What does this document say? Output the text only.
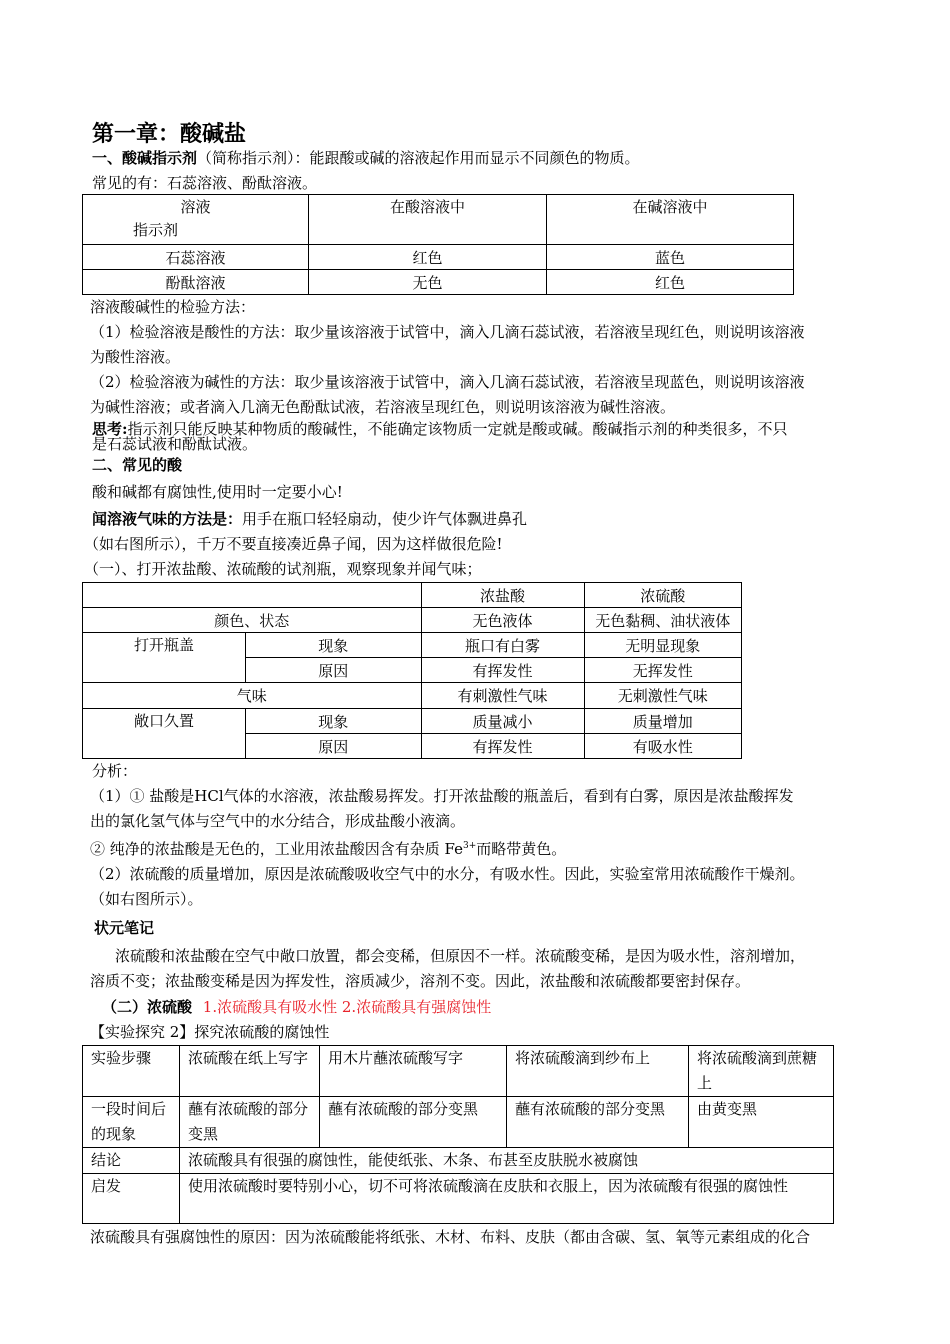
第一章：酸碱盐
一、酸碱指示剂（简称指示剂）：能跟酸或碱的溶液起作用而显示不同颜色的物质。
常见的有：石蕊溶液、酚酞溶液。
溶液
指示剂	在酸溶液中	在碱溶液中
石蕊溶液	红色	蓝色
酚酞溶液	无色	红色
溶液酸碱性的检验方法：
（1）检验溶液是酸性的方法：取少量该溶液于试管中，滴入几滴石蕊试液，若溶液呈现红色，则说明该溶液
为酸性溶液。
（2）检验溶液为碱性的方法：取少量该溶液于试管中，滴入几滴石蕊试液，若溶液呈现蓝色，则说明该溶液
为碱性溶液；或者滴入几滴无色酚酞试液，若溶液呈现红色，则说明该溶液为碱性溶液。
思考:指示剂只能反映某种物质的酸碱性，不能确定该物质一定就是酸或碱。酸碱指示剂的种类很多，不只
是石蕊试液和酚酞试液。
二、常见的酸
酸和碱都有腐蚀性,使用时一定要小心!
闻溶液气味的方法是：用手在瓶口轻轻扇动，使少许气体飘进鼻孔
（如右图所示），千万不要直接凑近鼻子闻，因为这样做很危险!
（一）、打开浓盐酸、浓硫酸的试剂瓶，观察现象并闻气味；
		浓盐酸	浓硫酸
颜色、状态		无色液体	无色黏稠、油状液体
打开瓶盖	现象	瓶口有白雾	无明显现象
	原因	有挥发性	无挥发性
气味		有刺激性气味	无刺激性气味
敞口久置	现象	质量减小	质量增加
	原因	有挥发性	有吸水性
分析：
（1）① 盐酸是HCl气体的水溶液，浓盐酸易挥发。打开浓盐酸的瓶盖后，看到有白雾，原因是浓盐酸挥发
出的氯化氢气体与空气中的水分结合，形成盐酸小液滴。
② 纯净的浓盐酸是无色的，工业用浓盐酸因含有杂质 $Fe^{3+}$而略带黄色。
（2）浓硫酸的质量增加，原因是浓硫酸吸收空气中的水分，有吸水性。因此，实验室常用浓硫酸作干燥剂。
（如右图所示）。
状元笔记
浓硫酸和浓盐酸在空气中敞口放置，都会变稀，但原因不一样。浓硫酸变稀，是因为吸水性，溶剂增加，
溶质不变；浓盐酸变稀是因为挥发性，溶质减少，溶剂不变。因此，浓盐酸和浓硫酸都要密封保存。
（二）浓硫酸 1.浓硫酸具有吸水性 2.浓硫酸具有强腐蚀性
【实验探究 2】探究浓硫酸的腐蚀性
实验步骤	浓硫酸在纸上写字	用木片蘸浓硫酸写字	将浓硫酸滴到纱布上	将浓硫酸滴到蔗糖上
一段时间后的现象	蘸有浓硫酸的部分变黑	蘸有浓硫酸的部分变黑	蘸有浓硫酸的部分变黑	由黄变黑
结论	浓硫酸具有很强的腐蚀性，能使纸张、木条、布甚至皮肤脱水被腐蚀			
启发	使用浓硫酸时要特别小心，切不可将浓硫酸滴在皮肤和衣服上，因为浓硫酸有很强的腐蚀性			
浓硫酸具有强腐蚀性的原因：因为浓硫酸能将纸张、木材、布料、皮肤（都由含碳、氢、氧等元素组成的化合
